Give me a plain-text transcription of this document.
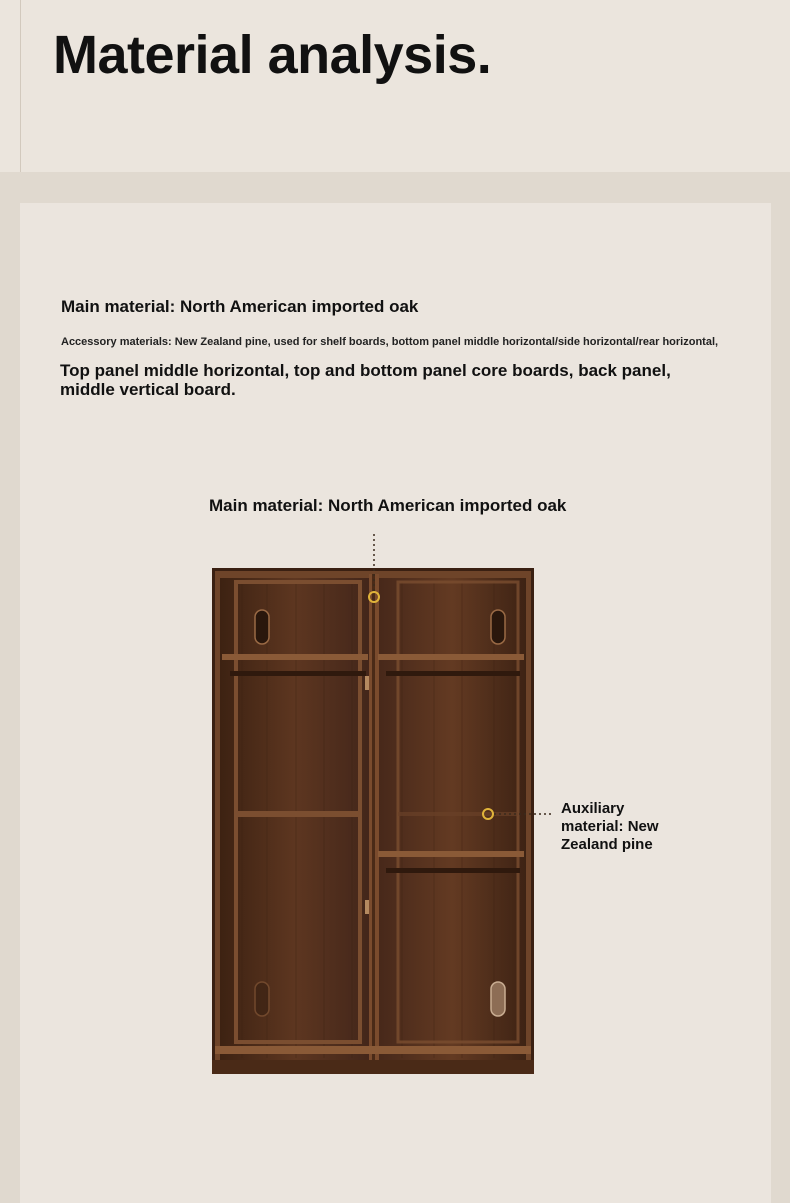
Material analysis.

Main material: North American imported oak

Accessory materials: New Zealand pine, used for shelf boards, bottom panel middle horizontal/side horizontal/rear horizontal,

Top panel middle horizontal, top and bottom panel core boards, back panel, middle vertical board.

Main material: North American imported oak

Auxiliary material: New Zealand pine
